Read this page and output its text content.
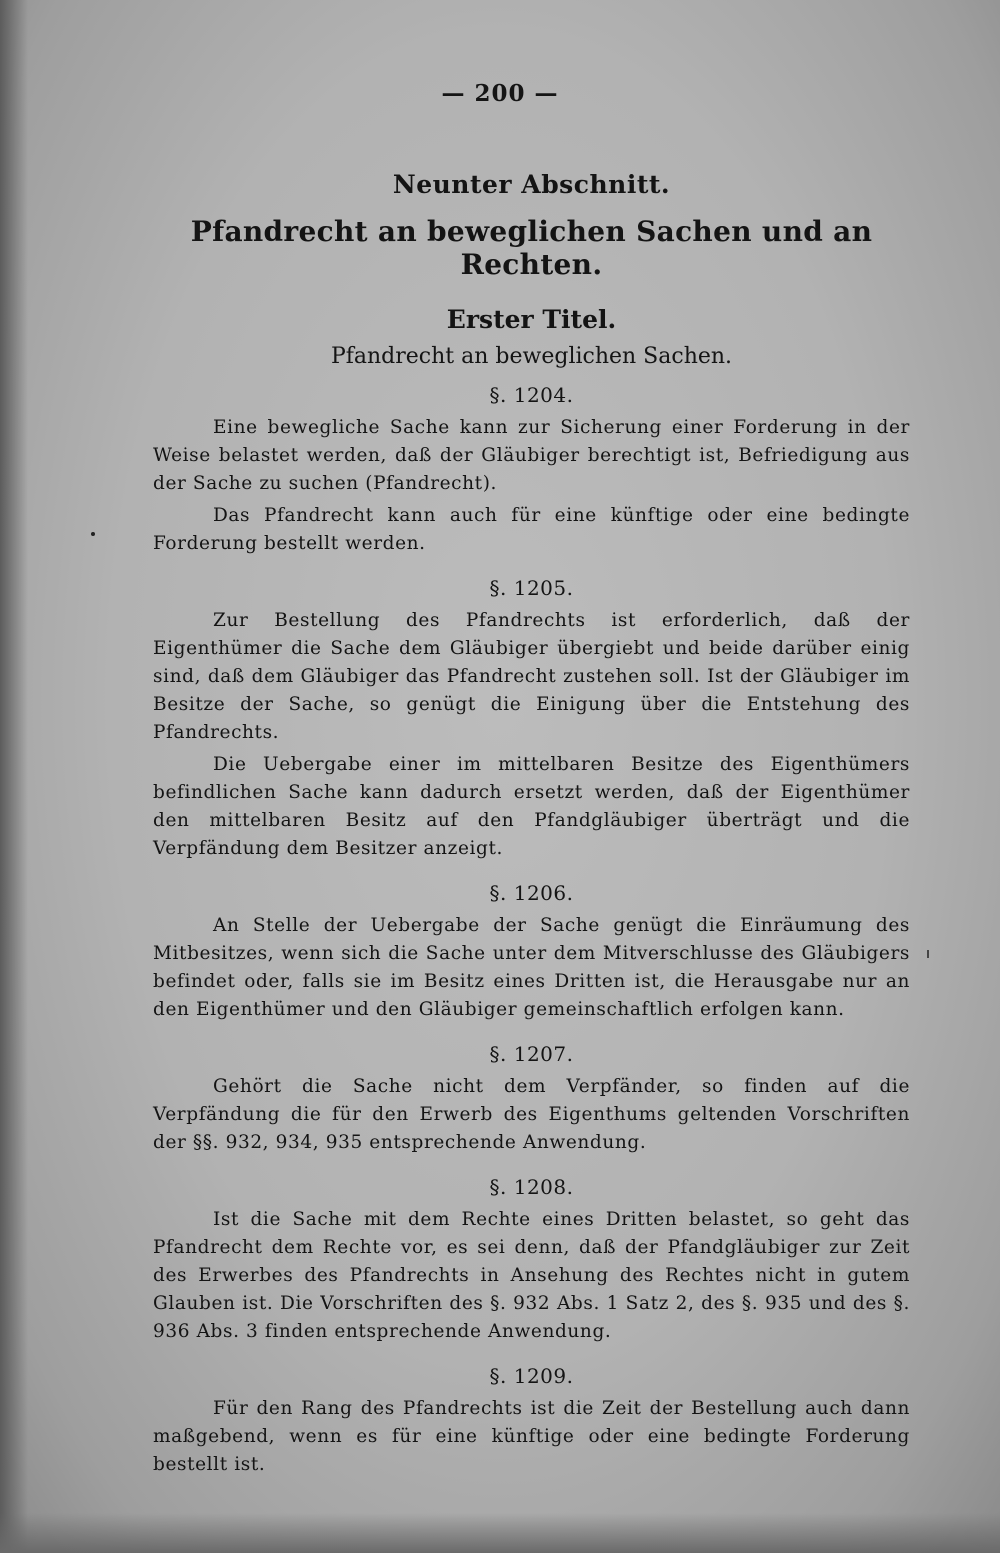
— 200 —
Neunter Abschnitt.
Pfandrecht an beweglichen Sachen und an Rechten.
Erster Titel.
Pfandrecht an beweglichen Sachen.
§. 1204.

Eine bewegliche Sache kann zur Sicherung einer Forderung in der Weise belastet werden, daß der Gläubiger berechtigt ist, Befriedigung aus der Sache zu suchen (Pfandrecht).

Das Pfandrecht kann auch für eine künftige oder eine bedingte Forderung bestellt werden.

§. 1205.

Zur Bestellung des Pfandrechts ist erforderlich, daß der Eigenthümer die Sache dem Gläubiger übergiebt und beide darüber einig sind, daß dem Gläubiger das Pfandrecht zustehen soll. Ist der Gläubiger im Besitze der Sache, so genügt die Einigung über die Entstehung des Pfandrechts.

Die Uebergabe einer im mittelbaren Besitze des Eigenthümers befindlichen Sache kann dadurch ersetzt werden, daß der Eigenthümer den mittelbaren Besitz auf den Pfandgläubiger überträgt und die Verpfändung dem Besitzer anzeigt.

§. 1206.

An Stelle der Uebergabe der Sache genügt die Einräumung des Mitbesitzes, wenn sich die Sache unter dem Mitverschlusse des Gläubigers befindet oder, falls sie im Besitz eines Dritten ist, die Herausgabe nur an den Eigenthümer und den Gläubiger gemeinschaftlich erfolgen kann.

§. 1207.

Gehört die Sache nicht dem Verpfänder, so finden auf die Verpfändung die für den Erwerb des Eigenthums geltenden Vorschriften der §§. 932, 934, 935 entsprechende Anwendung.

§. 1208.

Ist die Sache mit dem Rechte eines Dritten belastet, so geht das Pfandrecht dem Rechte vor, es sei denn, daß der Pfandgläubiger zur Zeit des Erwerbes des Pfandrechts in Ansehung des Rechtes nicht in gutem Glauben ist. Die Vorschriften des §. 932 Abs. 1 Satz 2, des §. 935 und des §. 936 Abs. 3 finden entsprechende Anwendung.

§. 1209.

Für den Rang des Pfandrechts ist die Zeit der Bestellung auch dann maßgebend, wenn es für eine künftige oder eine bedingte Forderung bestellt ist.
